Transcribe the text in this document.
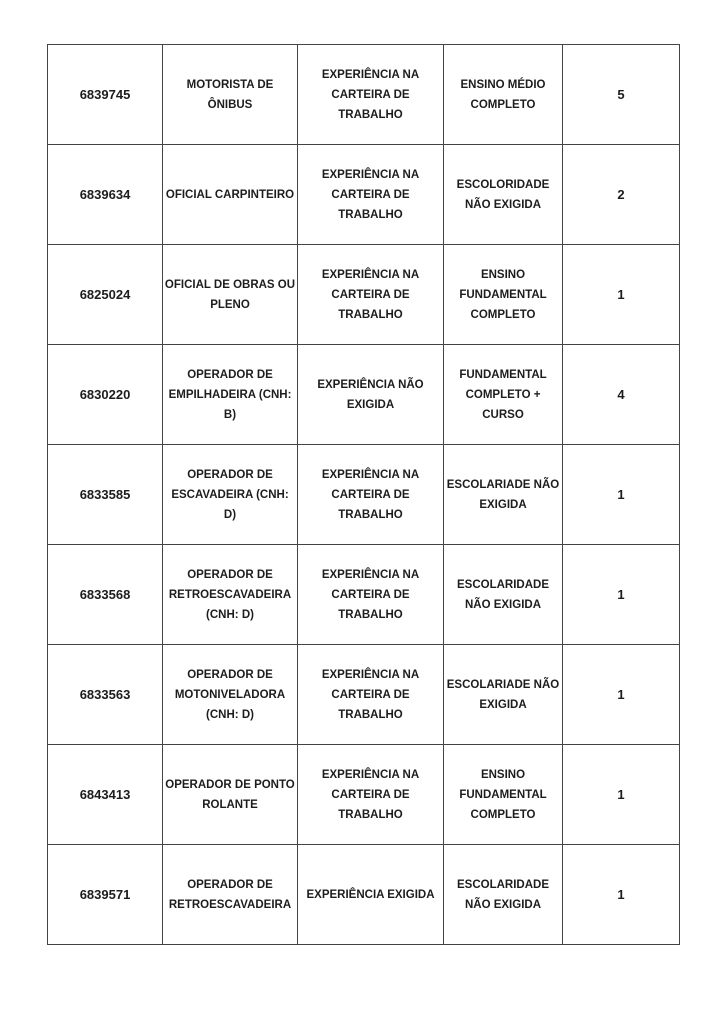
6839745	MOTORISTA DE ÔNIBUS	EXPERIÊNCIA NA CARTEIRA DE TRABALHO	ENSINO MÉDIO COMPLETO	5
6839634	OFICIAL CARPINTEIRO	EXPERIÊNCIA NA CARTEIRA DE TRABALHO	ESCOLORIDADE NÃO EXIGIDA	2
6825024	OFICIAL DE OBRAS OU PLENO	EXPERIÊNCIA NA CARTEIRA DE TRABALHO	ENSINO FUNDAMENTAL COMPLETO	1
6830220	OPERADOR DE EMPILHADEIRA (CNH: B)	EXPERIÊNCIA NÃO EXIGIDA	FUNDAMENTAL COMPLETO + CURSO	4
6833585	OPERADOR DE ESCAVADEIRA (CNH: D)	EXPERIÊNCIA NA CARTEIRA DE TRABALHO	ESCOLARIADE NÃO EXIGIDA	1
6833568	OPERADOR DE RETROESCAVADEIRA (CNH: D)	EXPERIÊNCIA NA CARTEIRA DE TRABALHO	ESCOLARIDADE NÃO EXIGIDA	1
6833563	OPERADOR DE MOTONIVELADORA (CNH: D)	EXPERIÊNCIA NA CARTEIRA DE TRABALHO	ESCOLARIADE NÃO EXIGIDA	1
6843413	OPERADOR DE PONTO ROLANTE	EXPERIÊNCIA NA CARTEIRA DE TRABALHO	ENSINO FUNDAMENTAL COMPLETO	1
6839571	OPERADOR DE RETROESCAVADEIRA	EXPERIÊNCIA EXIGIDA	ESCOLARIDADE NÃO EXIGIDA	1
